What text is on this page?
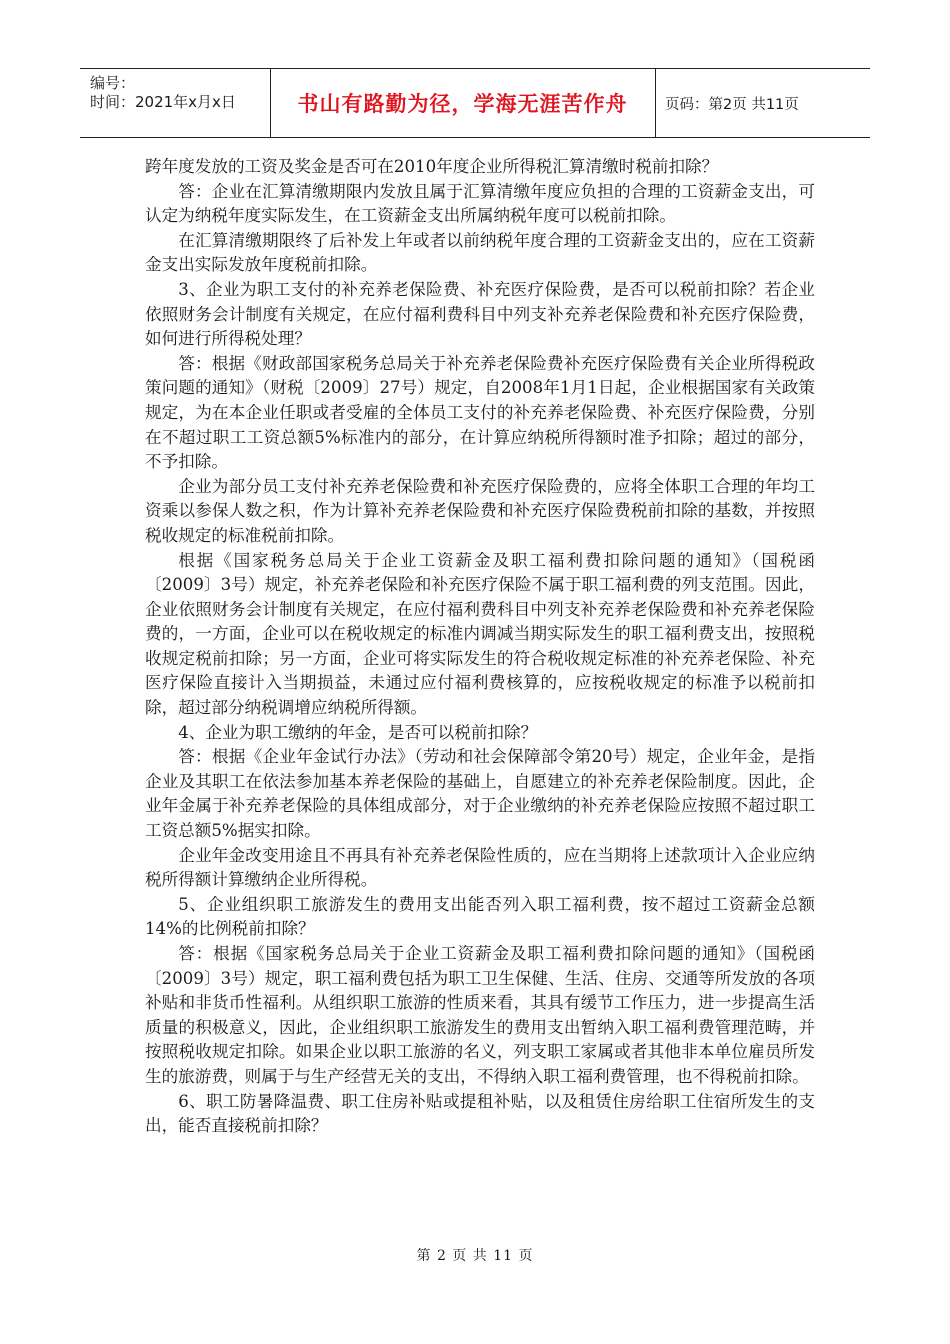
编号：
时间：2021年x月x日	书山有路勤为径，学海无涯苦作舟	页码：第2页 共11页

跨年度发放的工资及奖金是否可在2010年度企业所得税汇算清缴时税前扣除？

答：企业在汇算清缴期限内发放且属于汇算清缴年度应负担的合理的工资薪金支出，可认定为纳税年度实际发生，在工资薪金支出所属纳税年度可以税前扣除。

在汇算清缴期限终了后补发上年或者以前纳税年度合理的工资薪金支出的，应在工资薪金支出实际发放年度税前扣除。

3、企业为职工支付的补充养老保险费、补充医疗保险费，是否可以税前扣除？若企业依照财务会计制度有关规定，在应付福利费科目中列支补充养老保险费和补充医疗保险费，如何进行所得税处理？

答：根据《财政部国家税务总局关于补充养老保险费补充医疗保险费有关企业所得税政策问题的通知》（财税〔2009〕27号）规定，自2008年1月1日起，企业根据国家有关政策规定，为在本企业任职或者受雇的全体员工支付的补充养老保险费、补充医疗保险费，分别在不超过职工工资总额5%标准内的部分，在计算应纳税所得额时准予扣除；超过的部分，不予扣除。

企业为部分员工支付补充养老保险费和补充医疗保险费的，应将全体职工合理的年均工资乘以参保人数之积，作为计算补充养老保险费和补充医疗保险费税前扣除的基数，并按照税收规定的标准税前扣除。

根据《国家税务总局关于企业工资薪金及职工福利费扣除问题的通知》（国税函〔2009〕3号）规定，补充养老保险和补充医疗保险不属于职工福利费的列支范围。因此，企业依照财务会计制度有关规定，在应付福利费科目中列支补充养老保险费和补充养老保险费的，一方面，企业可以在税收规定的标准内调减当期实际发生的职工福利费支出，按照税收规定税前扣除；另一方面，企业可将实际发生的符合税收规定标准的补充养老保险、补充医疗保险直接计入当期损益，未通过应付福利费核算的，应按税收规定的标准予以税前扣除，超过部分纳税调增应纳税所得额。

4、企业为职工缴纳的年金，是否可以税前扣除？

答：根据《企业年金试行办法》（劳动和社会保障部令第20号）规定，企业年金，是指企业及其职工在依法参加基本养老保险的基础上，自愿建立的补充养老保险制度。因此，企业年金属于补充养老保险的具体组成部分，对于企业缴纳的补充养老保险应按照不超过职工工资总额5%据实扣除。

企业年金改变用途且不再具有补充养老保险性质的，应在当期将上述款项计入企业应纳税所得额计算缴纳企业所得税。

5、企业组织职工旅游发生的费用支出能否列入职工福利费，按不超过工资薪金总额14%的比例税前扣除？

答：根据《国家税务总局关于企业工资薪金及职工福利费扣除问题的通知》（国税函〔2009〕3号）规定，职工福利费包括为职工卫生保健、生活、住房、交通等所发放的各项补贴和非货币性福利。从组织职工旅游的性质来看，其具有缓节工作压力，进一步提高生活质量的积极意义，因此，企业组织职工旅游发生的费用支出暂纳入职工福利费管理范畴，并按照税收规定扣除。如果企业以职工旅游的名义，列支职工家属或者其他非本单位雇员所发生的旅游费，则属于与生产经营无关的支出，不得纳入职工福利费管理，也不得税前扣除。

6、职工防暑降温费、职工住房补贴或提租补贴，以及租赁住房给职工住宿所发生的支出，能否直接税前扣除？

第 2 页 共 11 页
